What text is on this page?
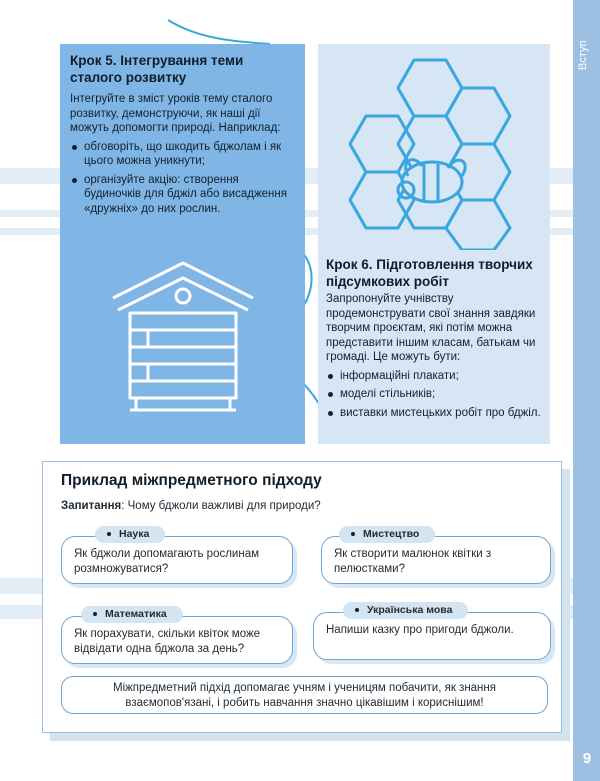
Вступ
9
Крок 5. Інтегрування теми сталого розвитку
Інтегруйте в зміст уроків тему сталого розвитку, демонструючи, як наші дії можуть допомогти природі. Наприклад:
обговоріть, що шкодить бджолам і як цього можна уникнути;
організуйте акцію: створення будиночків для бджіл або висадження «дружніх» до них рослин.
Крок 6. Підготовлення творчих підсумкових робіт
Запропонуйте учнівству продемонструвати свої знання завдяки творчим проєктам, які потім можна представити іншим класам, батькам чи громаді. Це можуть бути:
інформаційні плакати;
моделі стільників;
виставки мистецьких робіт про бджіл.
Приклад міжпредметного підходу
Запитання: Чому бджоли важливі для природи?
Як бджоли допомагають рослинам розмножуватися?
Наука
Як створити малюнок квітки з пелюстками?
Мистецтво
Як порахувати, скільки квіток може відвідати одна бджола за день?
Математика
Напиши казку про пригоди бджоли.
Українська мова
Міжпредметний підхід допомагає учням і ученицям побачити, як знання взаємопов'язані, і робить навчання значно цікавішим і кориснішим!
